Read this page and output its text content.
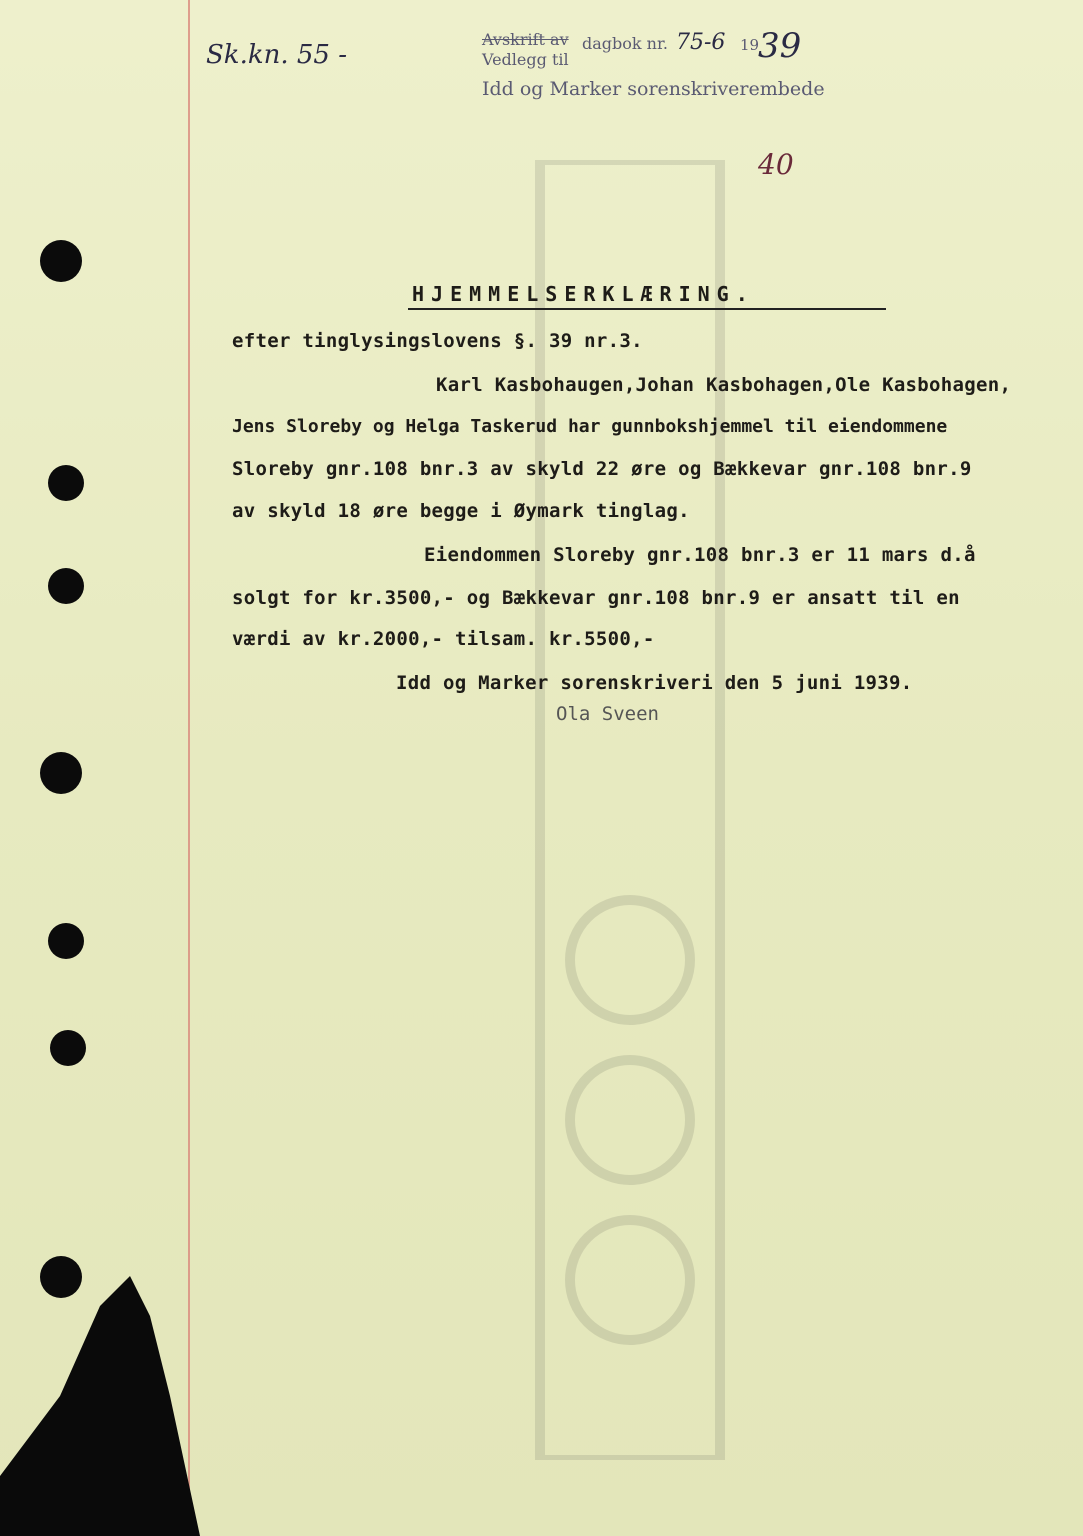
Avskrift av
Vedlegg til
Idd og Marker sorenskriverembede
dagbok nr. 75-6 19
39
Sk.kn. 55 -
40
HJEMMELSERKLÆRING.
efter tinglysingslovens §. 39 nr.3.
Karl Kasbohaugen,Johan Kasbohagen,Ole Kasbohagen,
Jens Sloreby og Helga Taskerud har gunnbokshjemmel til eiendommene
Sloreby gnr.108 bnr.3 av skyld 22 øre og Bækkevar gnr.108 bnr.9
av skyld 18 øre begge i Øymark tinglag.
Eiendommen Sloreby gnr.108 bnr.3 er 11 mars d.å
solgt for kr.3500,- og Bækkevar gnr.108 bnr.9 er ansatt til en
værdi av kr.2000,- tilsam. kr.5500,-
Idd og Marker sorenskriveri den 5 juni 1939.
Ola Sveen
